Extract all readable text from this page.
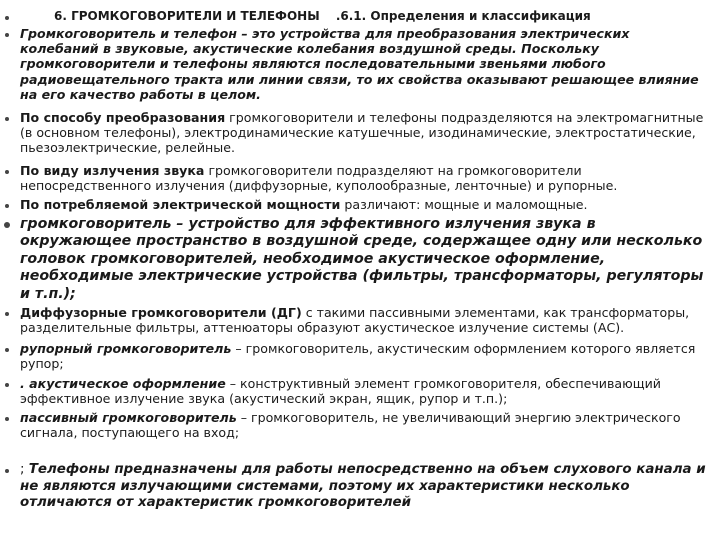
6. ГРОМКОГОВОРИТЕЛИ И ТЕЛЕФОНЫ .6.1. Определения и классификация

Громкоговоритель и телефон – это устройства для преобразования электрических колебаний в звуковые, акустические колебания воздушной среды. Поскольку громкоговорители и телефоны являются последовательными звеньями любого радиовещательного тракта или линии связи, то их свойства оказывают решающее влияние на его качество работы в целом.

По способу преобразования громкоговорители и телефоны подразделяются на электромагнитные (в основном телефоны), электродинамические катушечные, изодинамические, электростатические, пьезоэлектрические, релейные.

По виду излучения звука громкоговорители подразделяют на громкоговорители непосредственного излучения (диффузорные, куполообразные, ленточные) и рупорные.

По потребляемой электрической мощности различают: мощные и маломощные.

громкоговоритель – устройство для эффективного излучения звука в окружающее пространство в воздушной среде, содержащее одну или несколько головок громкоговорителей, необходимое акустическое оформление, необходимые электрические устройства (фильтры, трансформаторы, регуляторы и т.п.);

Диффузорные громкоговорители (ДГ) с такими пассивными элементами, как трансформаторы, разделительные фильтры, аттенюаторы образуют акустическое излучение системы (АС).

рупорный громкоговоритель – громкоговоритель, акустическим оформлением которого является рупор;

. акустическое оформление – конструктивный элемент громкоговорителя, обеспечивающий эффективное излучение звука (акустический экран, ящик, рупор и т.п.);

пассивный громкоговоритель – громкоговоритель, не увеличивающий энергию электрического сигнала, поступающего на вход;

; Телефоны предназначены для работы непосредственно на объем слухового канала и не являются излучающими системами, поэтому их характеристики несколько отличаются от характеристик громкоговорителей
